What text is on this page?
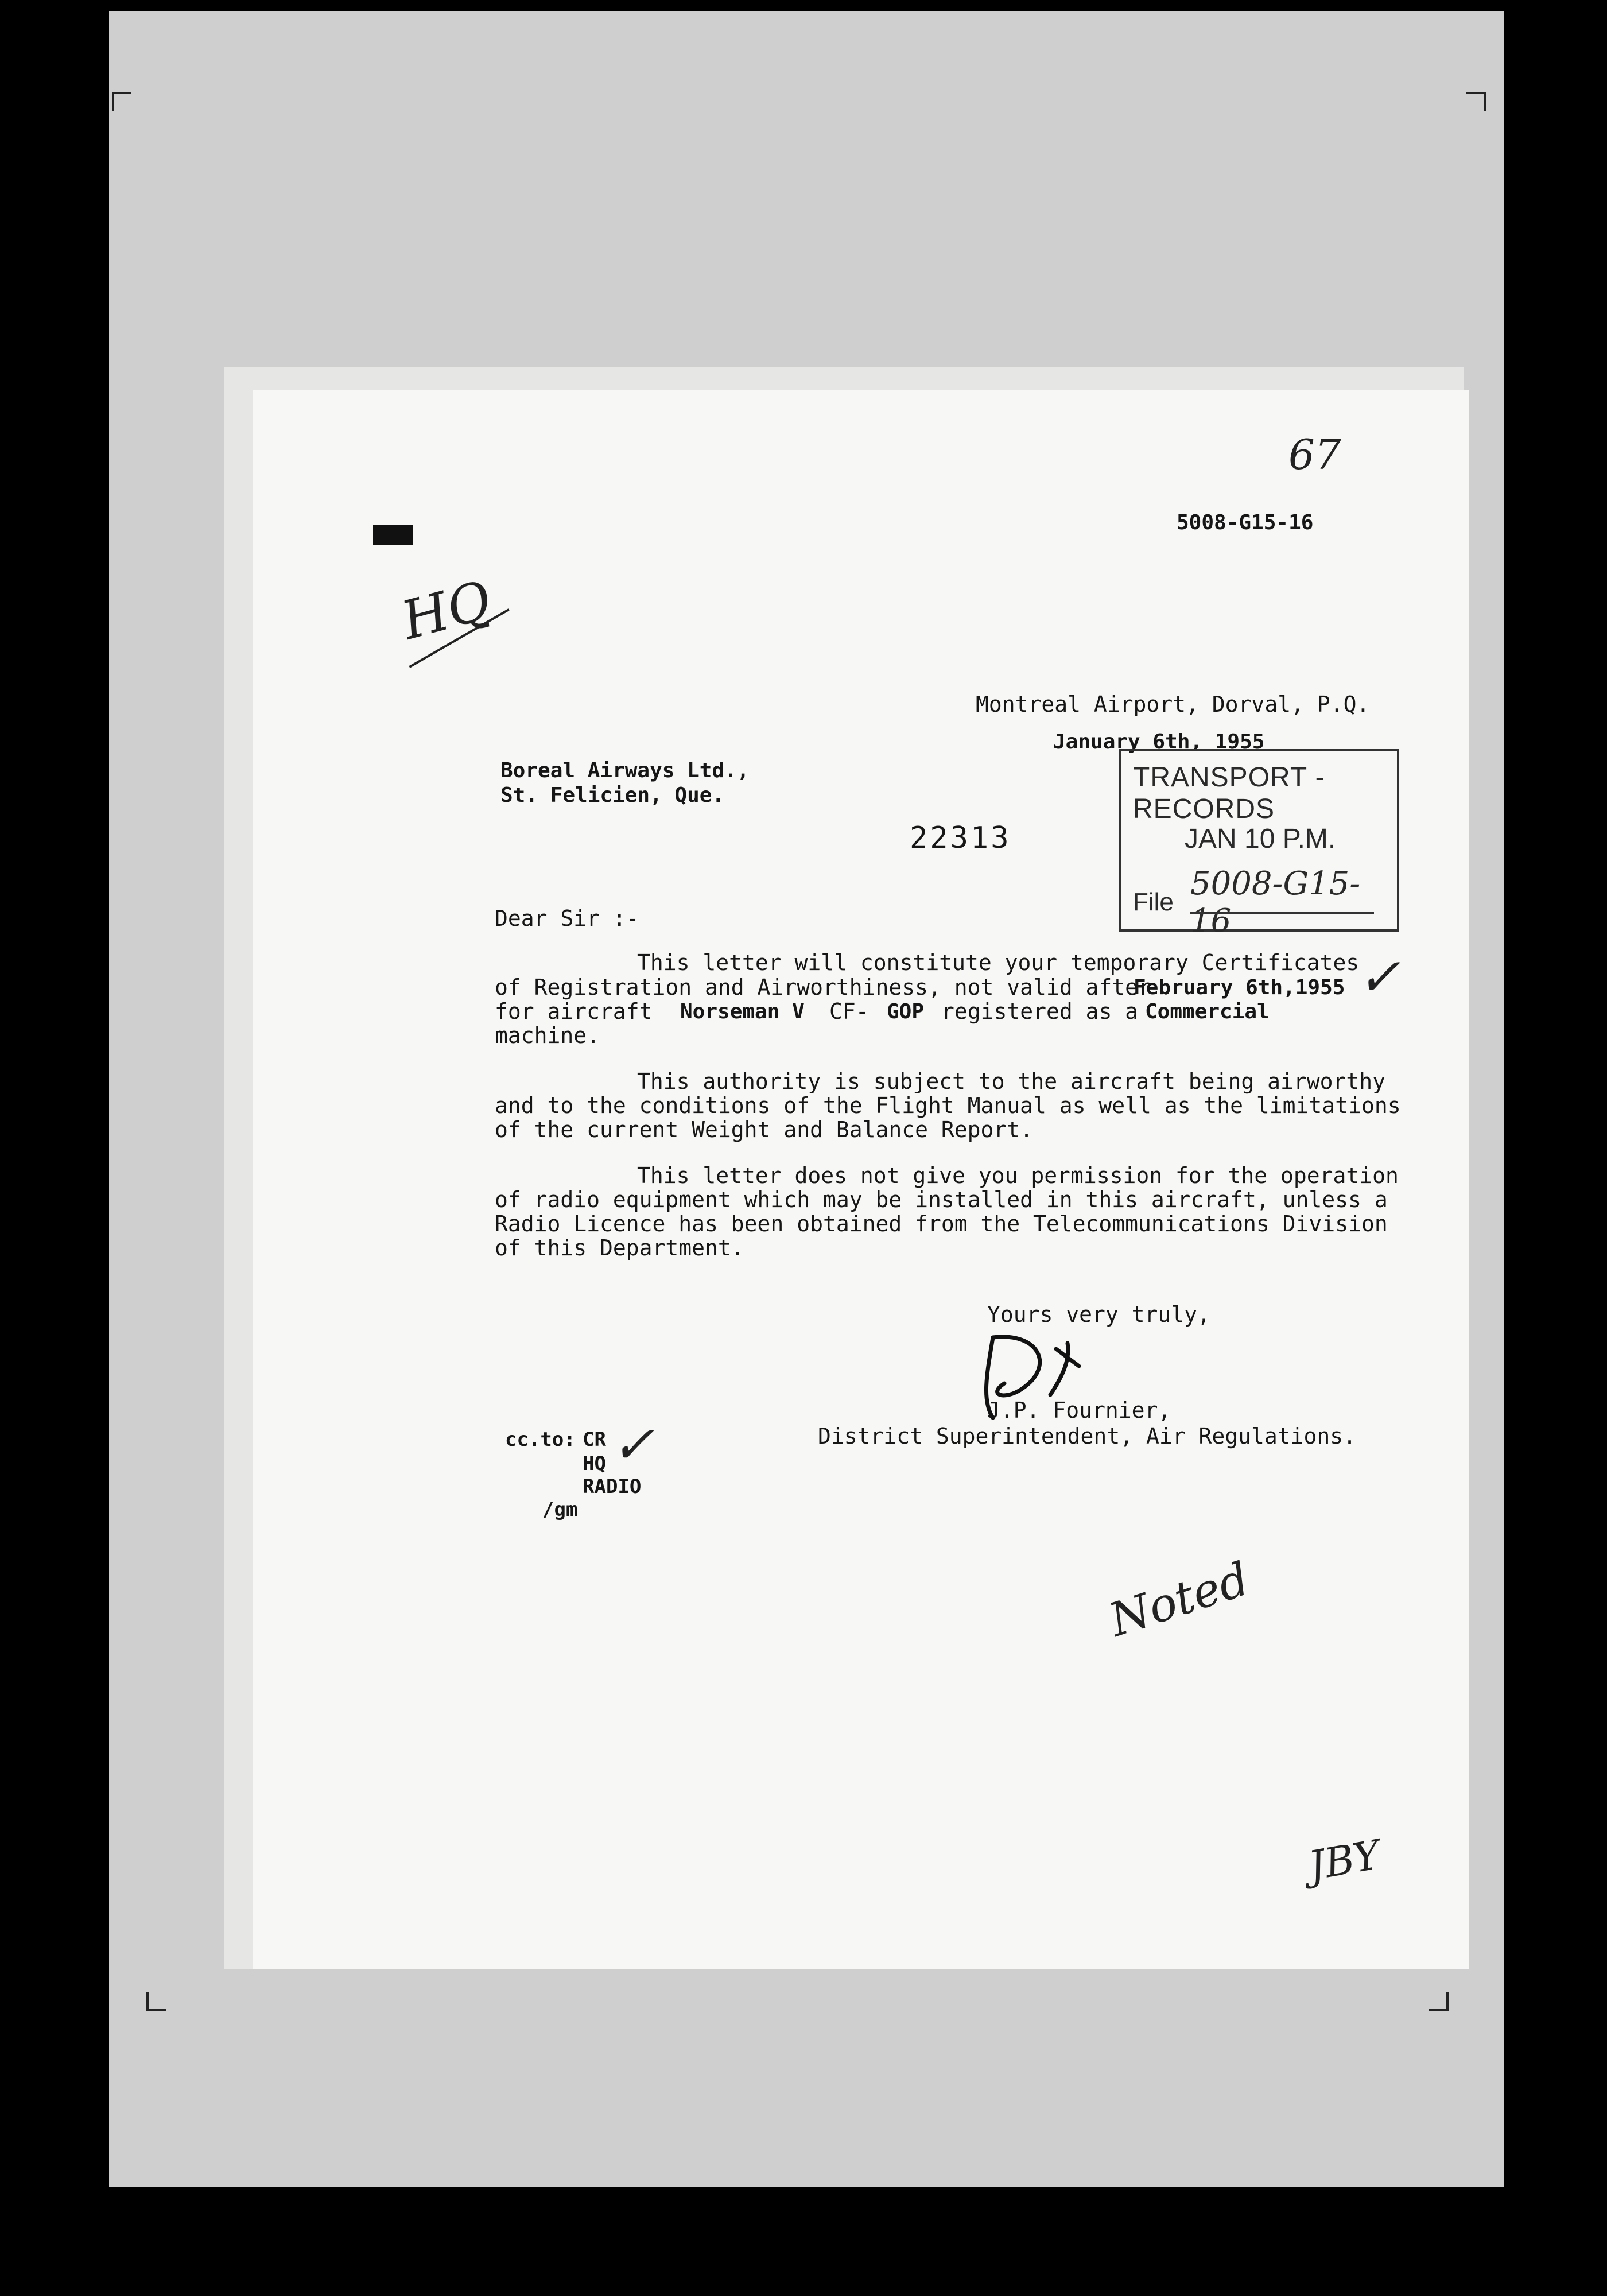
67
5008-G15-16
HQ
Montreal Airport, Dorval, P.Q.
January 6th, 1955
Boreal Airways Ltd.,
St. Felicien, Que.
22313
TRANSPORT - RECORDS
JAN 10 P.M.
File 5008-G15-16
Dear Sir :-
This letter will constitute your temporary Certificates
of Registration and Airworthiness, not valid after
February 6th,1955 ✓
for aircraft Norseman V CF- GOP registered as a Commercial
machine.
This authority is subject to the aircraft being airworthy
and to the conditions of the Flight Manual as well as the limitations
of the current Weight and Balance Report.
This letter does not give you permission for the operation
of radio equipment which may be installed in this aircraft, unless a
Radio Licence has been obtained from the Telecommunications Division
of this Department.
Yours very truly,
J.P. Fournier,
District Superintendent, Air Regulations.
cc.to: CR
HQ
RADIO
✓
/gm
Noted
JBY
